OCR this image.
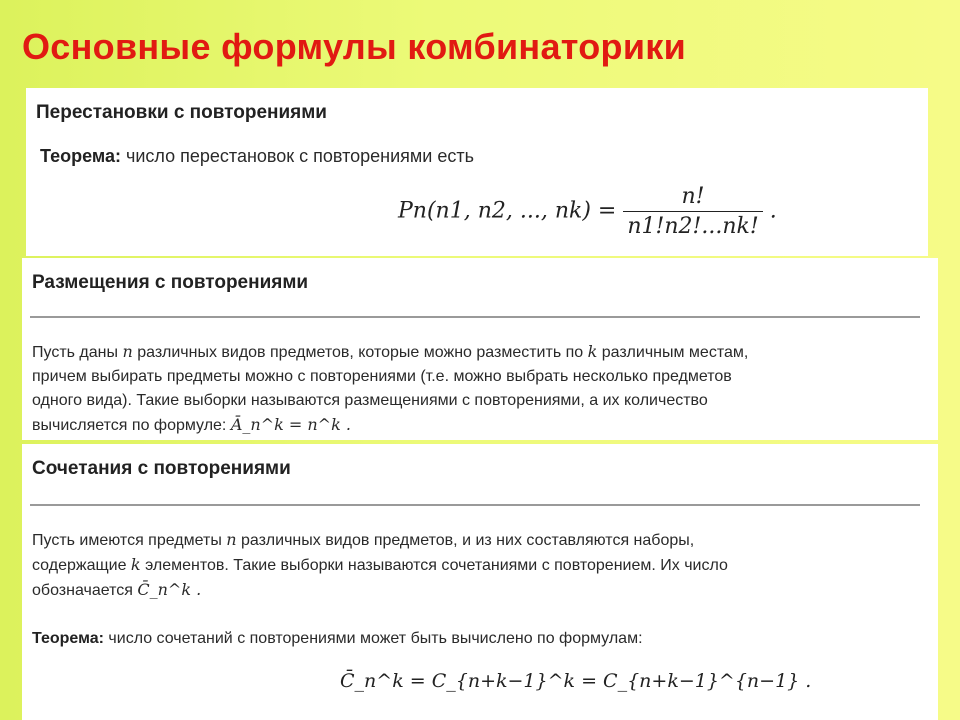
Основные формулы комбинаторики
Перестановки с повторениями
Теорема: число перестановок с повторениями есть
Pn(n1, n2, ..., $nk) = \frac{n!}{n1!n2!...nk!}$ .
Размещения с повторениями
Пусть даны n различных видов предметов, которые можно разместить по k различным местам,
причем выбирать предметы можно с повторениями (т.е. можно выбрать несколько предметов
одного вида). Такие выборки называются размещениями с повторениями, а их количество
вычисляется по формуле: Ā_n^k = n^k .
Сочетания с повторениями
Пусть имеются предметы n различных видов предметов, и из них составляются наборы,
содержащие k элементов. Такие выборки называются сочетаниями с повторением. Их число
обозначается C̄_n^k .
Теорема: число сочетаний с повторениями может быть вычислено по формулам:
C̄_n^k = C_{n+k−1}^k = C_{n+k−1}^{n−1} .
